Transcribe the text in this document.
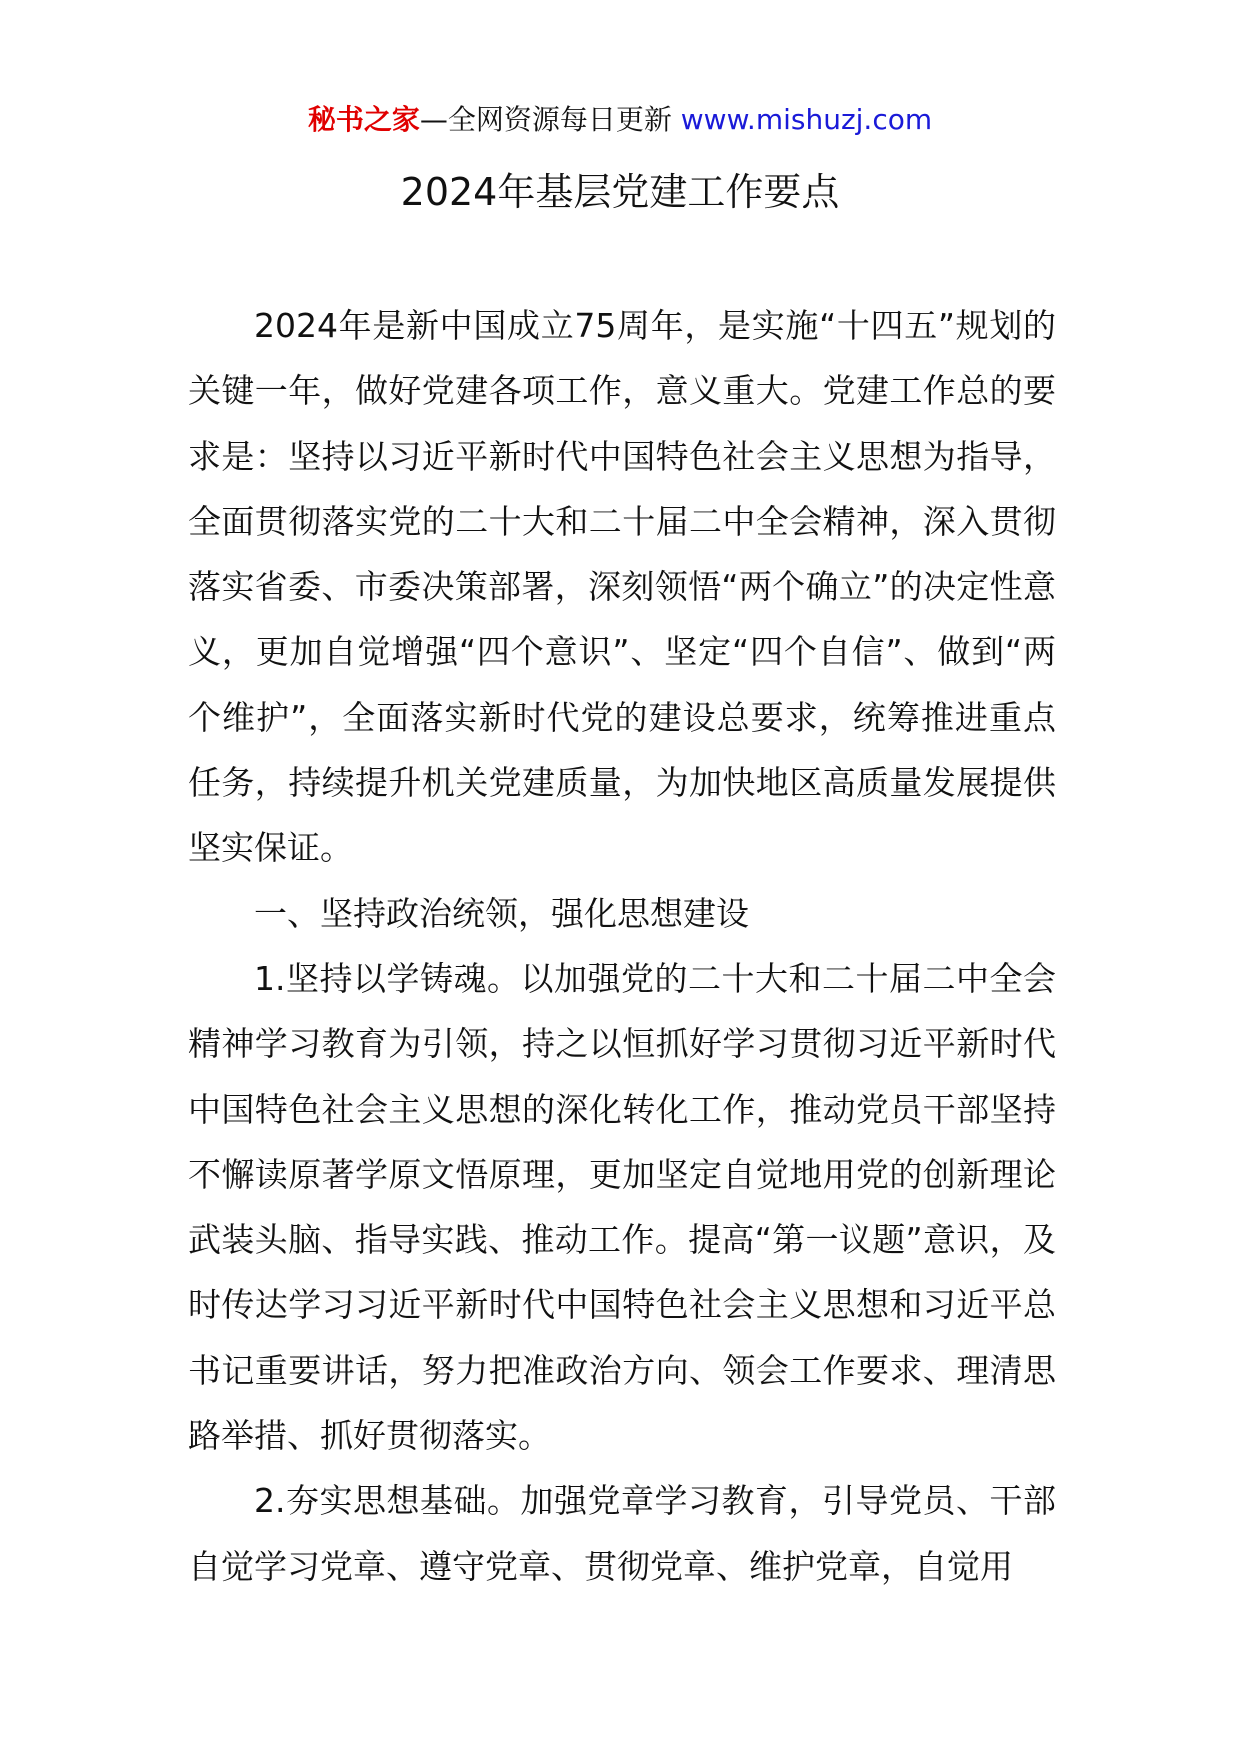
秘书之家—全网资源每日更新 www.mishuzj.com
2024年基层党建工作要点

2024年是新中国成立75周年，是实施“十四五”规划的关键一年，做好党建各项工作，意义重大。党建工作总的要求是：坚持以习近平新时代中国特色社会主义思想为指导，全面贯彻落实党的二十大和二十届二中全会精神，深入贯彻落实省委、市委决策部署，深刻领悟“两个确立”的决定性意义，更加自觉增强“四个意识”、坚定“四个自信”、做到“两个维护”，全面落实新时代党的建设总要求，统筹推进重点任务，持续提升机关党建质量，为加快地区高质量发展提供坚实保证。

一、坚持政治统领，强化思想建设

1.坚持以学铸魂。以加强党的二十大和二十届二中全会精神学习教育为引领，持之以恒抓好学习贯彻习近平新时代中国特色社会主义思想的深化转化工作，推动党员干部坚持不懈读原著学原文悟原理，更加坚定自觉地用党的创新理论武装头脑、指导实践、推动工作。提高“第一议题”意识，及时传达学习习近平新时代中国特色社会主义思想和习近平总书记重要讲话，努力把准政治方向、领会工作要求、理清思路举措、抓好贯彻落实。

2.夯实思想基础。加强党章学习教育，引导党员、干部自觉学习党章、遵守党章、贯彻党章、维护党章，自觉用
